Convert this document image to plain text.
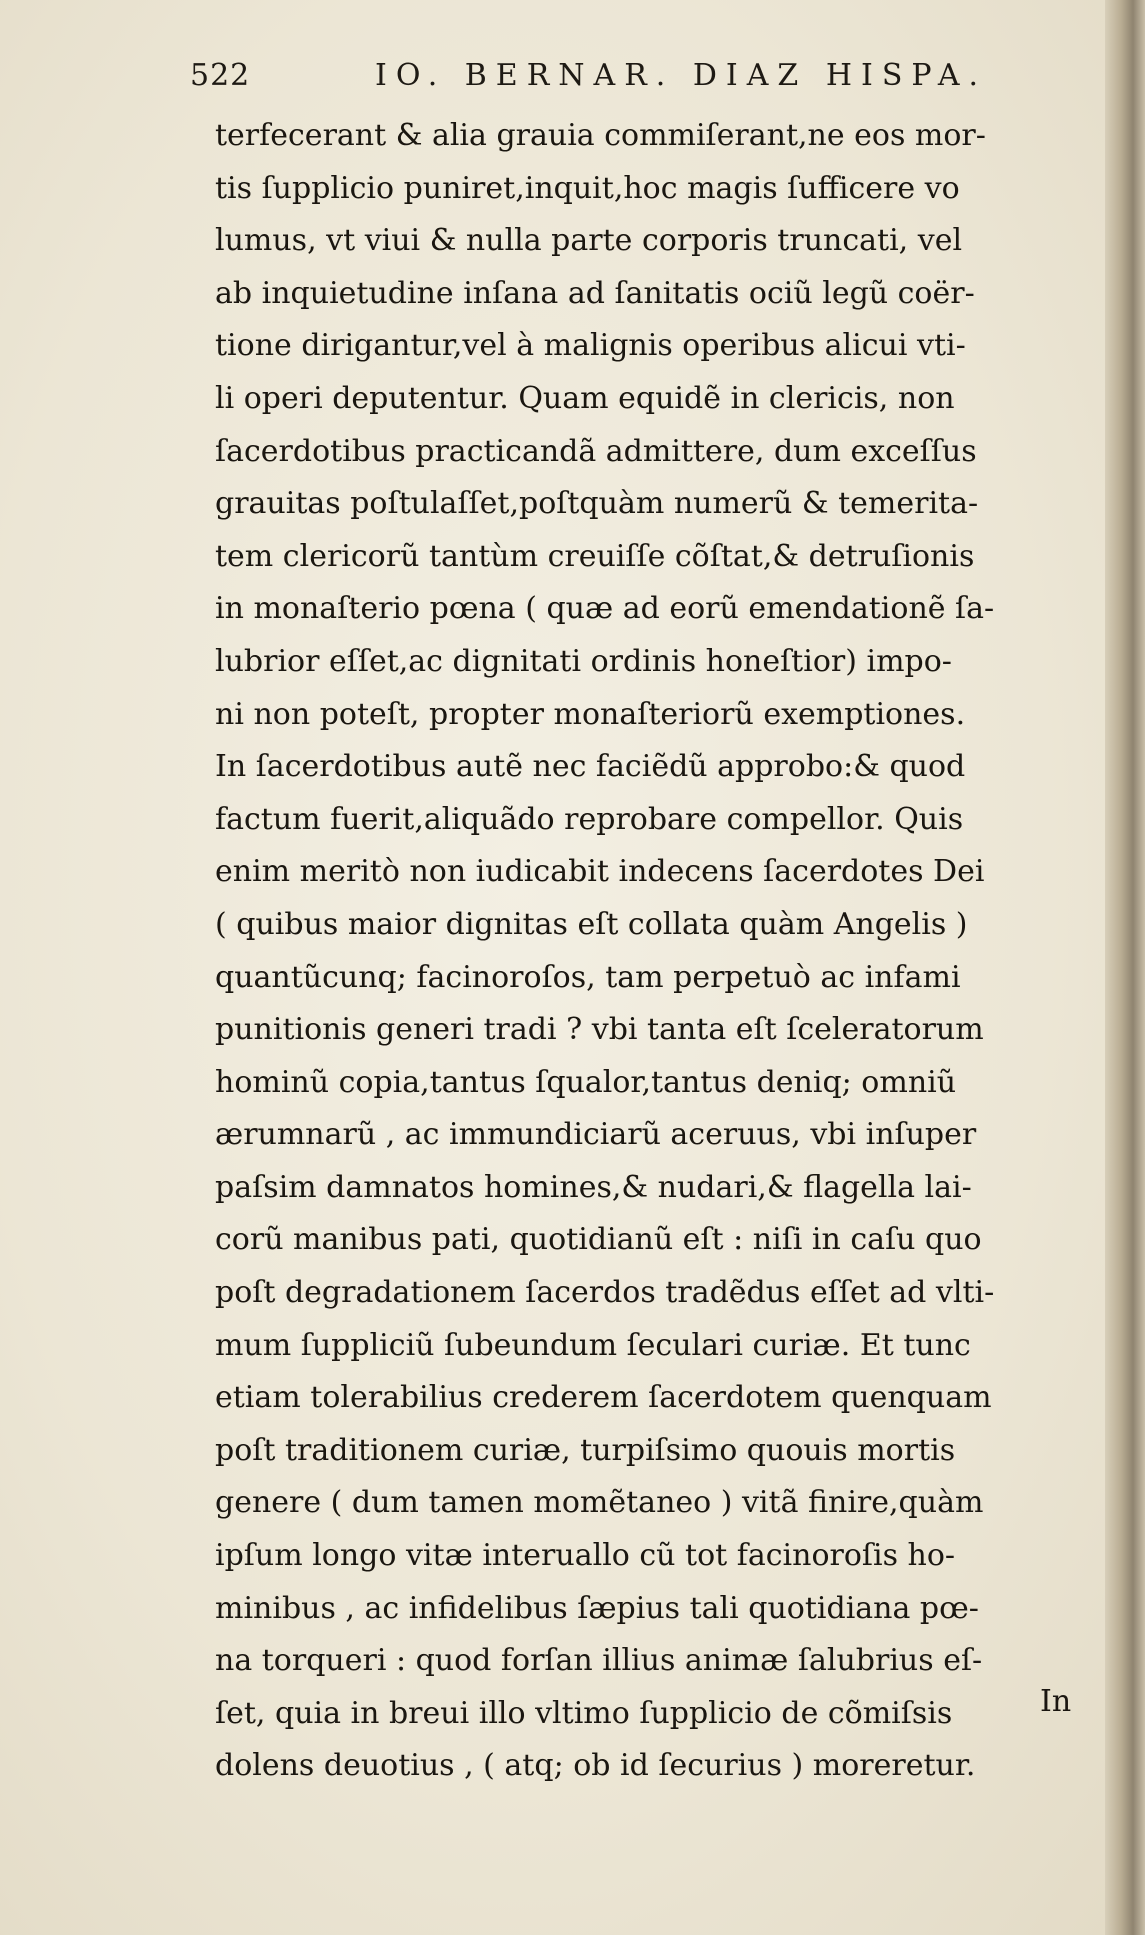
522	IO. BERNAR. DIAZ HISPA.
terfecerant & alia grauia commiſerant,ne eos mor-
tis ſupplicio puniret,inquit,hoc magis ſufficere vo
lumus, vt viui & nulla parte corporis truncati, vel
ab inquietudine inſana ad ſanitatis ociũ legũ coër-
tione dirigantur,vel à malignis operibus alicui vti-
li operi deputentur. Quam equidẽ in clericis, non
ſacerdotibus practicandã admittere, dum exceſſus
grauitas poſtulaſſet,poſtquàm numerũ & temerita-
tem clericorũ tantùm creuiſſe cõſtat,& detruſionis
in monaſterio pœna ( quæ ad eorũ emendationẽ ſa-
lubrior eſſet,ac dignitati ordinis honeſtior) impo-
ni non poteſt, propter monaſteriorũ exemptiones.
In ſacerdotibus autẽ nec faciẽdũ approbo:& quod
factum fuerit,aliquãdo reprobare compellor. Quis
enim meritò non iudicabit indecens ſacerdotes Dei
( quibus maior dignitas eſt collata quàm Angelis )
quantũcunq; facinoroſos, tam perpetuò ac infami
punitionis generi tradi ? vbi tanta eſt ſceleratorum
hominũ copia,tantus ſqualor,tantus deniq; omniũ
ærumnarũ , ac immundiciarũ aceruus, vbi inſuper
paſsim damnatos homines,& nudari,& flagella lai-
corũ manibus pati, quotidianũ eſt : niſi in caſu quo
poſt degradationem ſacerdos tradẽdus eſſet ad vlti-
mum ſuppliciũ ſubeundum ſeculari curiæ. Et tunc
etiam tolerabilius crederem ſacerdotem quenquam
poſt traditionem curiæ, turpiſsimo quouis mortis
genere ( dum tamen momẽtaneo ) vitã finire,quàm
ipſum longo vitæ interuallo cũ tot facinoroſis ho-
minibus , ac infidelibus ſæpius tali quotidiana pœ-
na torqueri : quod forſan illius animæ ſalubrius eſ-
ſet, quia in breui illo vltimo ſupplicio de cõmiſsis
dolens deuotius , ( atq; ob id ſecurius ) moreretur.
In
